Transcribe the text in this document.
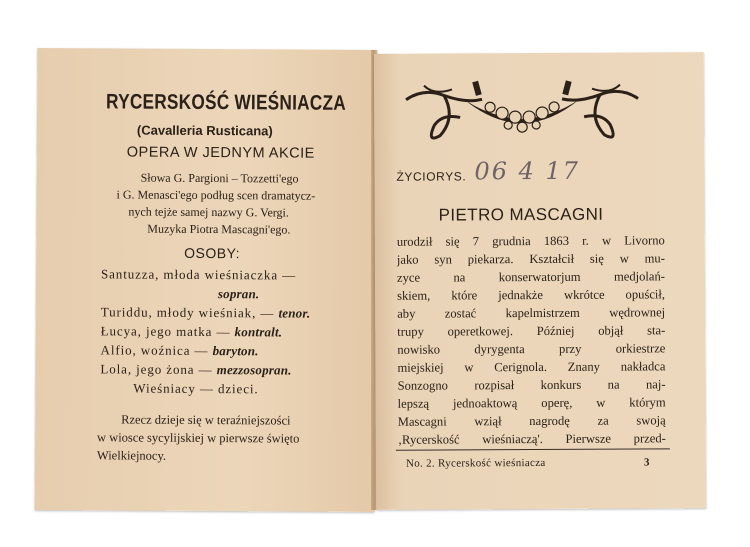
RYCERSKOŚĆ WIEŚNIACZA
(Cavalleria Rusticana)
OPERA W JEDNYM AKCIE
Słowa G. Pargioni – Tozzetti'ego
i G. Menasci'ego podług scen dramatycz-
nych tejże samej nazwy G. Vergi.
Muzyka Piotra Mascagni'ego.
OSOBY:
Santuzza, młoda wieśniaczka —
sopran.
Turiddu, młody wieśniak, — tenor.
Łucya, jego matka — kontralt.
Alfio, woźnica — baryton.
Lola, jego żona — mezzosopran.
Wieśniacy — dzieci.
Rzecz dzieje się w teraźniejszości
w wiosce sycylijskiej w pierwsze święto
Wielkiejnocy.
ŻYCIORYS. 06 4 17
PIETRO MASCAGNI
urodził się 7 grudnia 1863 r. w Livorno
jako syn piekarza. Kształcił się w mu-
zyce na konserwatorjum medjolań-
skiem, które jednakże wkrótce opuścił,
aby zostać kapelmistrzem wędrownej
trupy operetkowej. Później objął sta-
nowisko dyrygenta przy orkiestrze
miejskiej w Cerignola. Znany nakładca
Sonzogno rozpisał konkurs na naj-
lepszą jednoaktową operę, w którym
Mascagni wziął nagrodę za swoją
‚Rycerskość wieśniaczą'. Pierwsze przed-
No. 2. Rycerskość wieśniacza	3
